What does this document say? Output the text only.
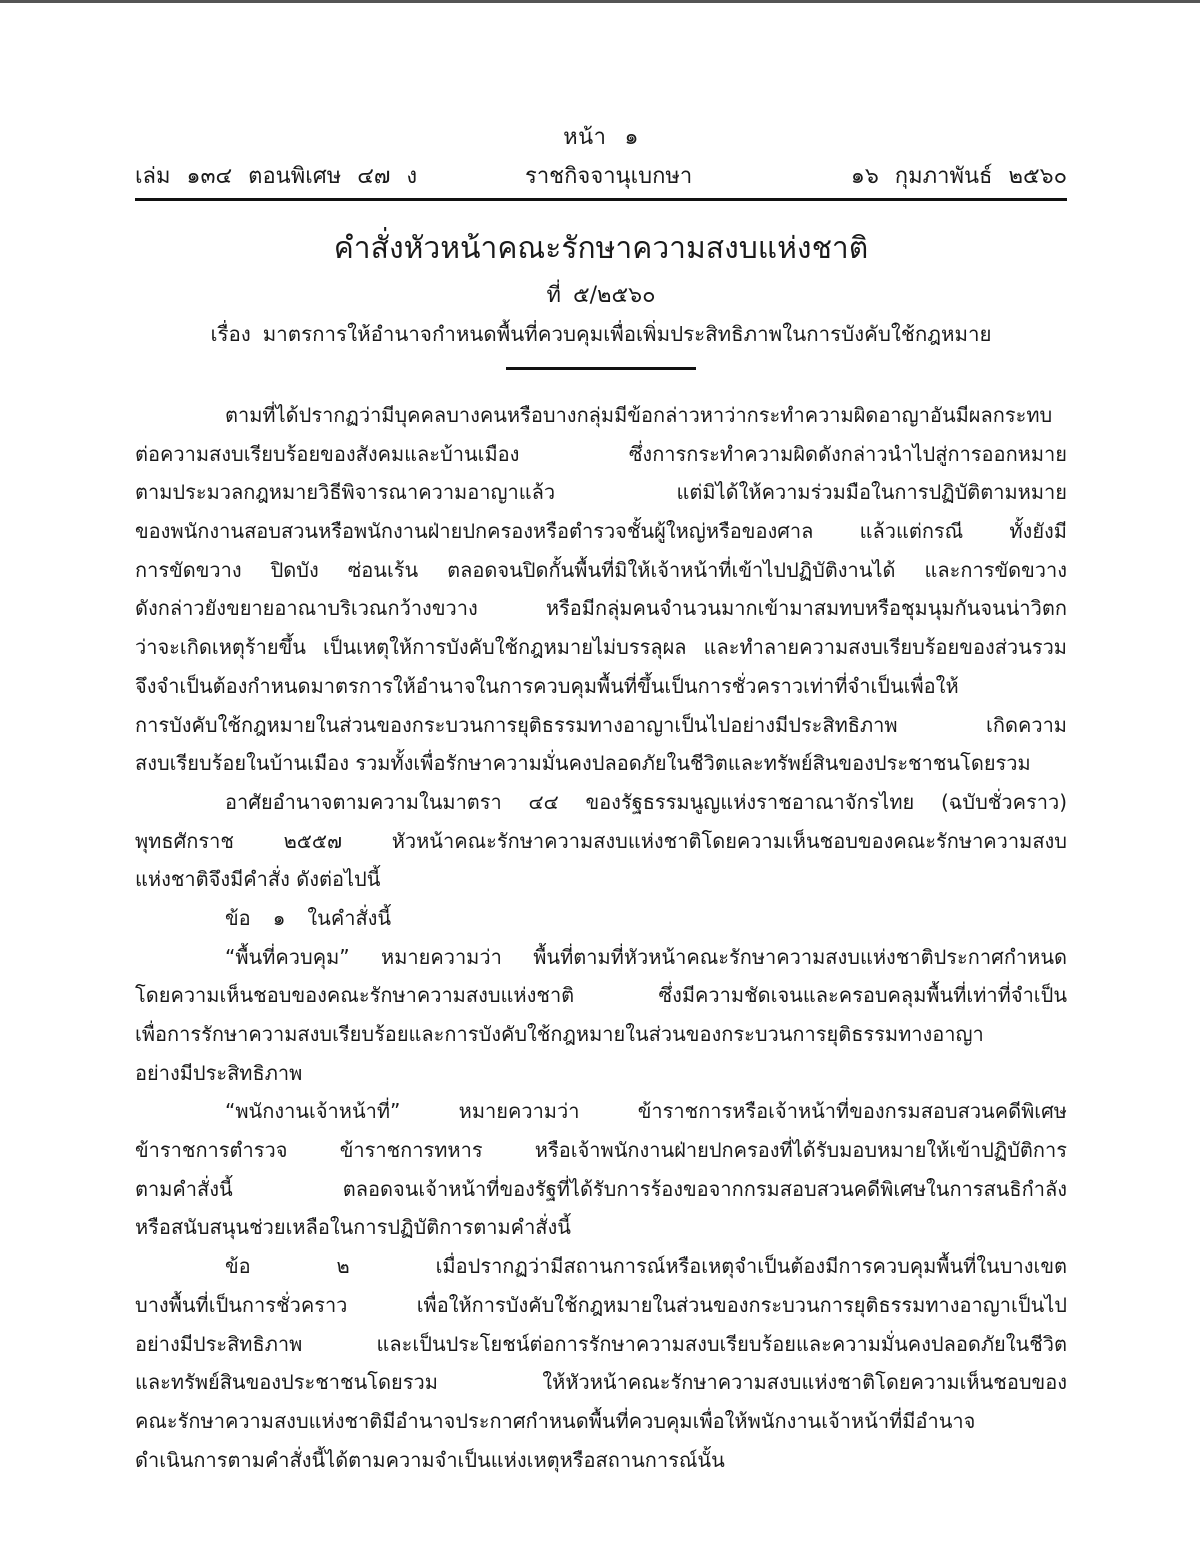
หน้า ๑
เล่ม ๑๓๔ ตอนพิเศษ ๔๗ ง	ราชกิจจานุเบกษา	๑๖ กุมภาพันธ์ ๒๕๖๐
คำสั่งหัวหน้าคณะรักษาความสงบแห่งชาติ
ที่ ๕/๒๕๖๐
เรื่อง มาตรการให้อำนาจกำหนดพื้นที่ควบคุมเพื่อเพิ่มประสิทธิภาพในการบังคับใช้กฎหมาย
ตามที่ได้ปรากฏว่ามีบุคคลบางคนหรือบางกลุ่มมีข้อกล่าวหาว่ากระทำความผิดอาญาอันมีผลกระทบ
ต่อความสงบเรียบร้อยของสังคมและบ้านเมือง ซึ่งการกระทำความผิดดังกล่าวนำไปสู่การออกหมาย
ตามประมวลกฎหมายวิธีพิจารณาความอาญาแล้ว แต่มิได้ให้ความร่วมมือในการปฏิบัติตามหมาย
ของพนักงานสอบสวนหรือพนักงานฝ่ายปกครองหรือตำรวจชั้นผู้ใหญ่หรือของศาล แล้วแต่กรณี ทั้งยังมี
การขัดขวาง ปิดบัง ซ่อนเร้น ตลอดจนปิดกั้นพื้นที่มิให้เจ้าหน้าที่เข้าไปปฏิบัติงานได้ และการขัดขวาง
ดังกล่าวยังขยายอาณาบริเวณกว้างขวาง หรือมีกลุ่มคนจำนวนมากเข้ามาสมทบหรือชุมนุมกันจนน่าวิตก
ว่าจะเกิดเหตุร้ายขึ้น เป็นเหตุให้การบังคับใช้กฎหมายไม่บรรลุผล และทำลายความสงบเรียบร้อยของส่วนรวม
จึงจำเป็นต้องกำหนดมาตรการให้อำนาจในการควบคุมพื้นที่ขึ้นเป็นการชั่วคราวเท่าที่จำเป็นเพื่อให้
การบังคับใช้กฎหมายในส่วนของกระบวนการยุติธรรมทางอาญาเป็นไปอย่างมีประสิทธิภาพ เกิดความ
สงบเรียบร้อยในบ้านเมือง รวมทั้งเพื่อรักษาความมั่นคงปลอดภัยในชีวิตและทรัพย์สินของประชาชนโดยรวม
อาศัยอำนาจตามความในมาตรา ๔๔ ของรัฐธรรมนูญแห่งราชอาณาจักรไทย (ฉบับชั่วคราว)
พุทธศักราช ๒๕๕๗ หัวหน้าคณะรักษาความสงบแห่งชาติโดยความเห็นชอบของคณะรักษาความสงบ
แห่งชาติจึงมีคำสั่ง ดังต่อไปนี้
ข้อ ๑ ในคำสั่งนี้
“พื้นที่ควบคุม” หมายความว่า พื้นที่ตามที่หัวหน้าคณะรักษาความสงบแห่งชาติประกาศกำหนด
โดยความเห็นชอบของคณะรักษาความสงบแห่งชาติ ซึ่งมีความชัดเจนและครอบคลุมพื้นที่เท่าที่จำเป็น
เพื่อการรักษาความสงบเรียบร้อยและการบังคับใช้กฎหมายในส่วนของกระบวนการยุติธรรมทางอาญา
อย่างมีประสิทธิภาพ
“พนักงานเจ้าหน้าที่” หมายความว่า ข้าราชการหรือเจ้าหน้าที่ของกรมสอบสวนคดีพิเศษ
ข้าราชการตำรวจ ข้าราชการทหาร หรือเจ้าพนักงานฝ่ายปกครองที่ได้รับมอบหมายให้เข้าปฏิบัติการ
ตามคำสั่งนี้ ตลอดจนเจ้าหน้าที่ของรัฐที่ได้รับการร้องขอจากกรมสอบสวนคดีพิเศษในการสนธิกำลัง
หรือสนับสนุนช่วยเหลือในการปฏิบัติการตามคำสั่งนี้
ข้อ	๒	เมื่อปรากฏว่ามีสถานการณ์หรือเหตุจำเป็นต้องมีการควบคุมพื้นที่ในบางเขต
บางพื้นที่เป็นการชั่วคราว เพื่อให้การบังคับใช้กฎหมายในส่วนของกระบวนการยุติธรรมทางอาญาเป็นไป
อย่างมีประสิทธิภาพ และเป็นประโยชน์ต่อการรักษาความสงบเรียบร้อยและความมั่นคงปลอดภัยในชีวิต
และทรัพย์สินของประชาชนโดยรวม ให้หัวหน้าคณะรักษาความสงบแห่งชาติโดยความเห็นชอบของ
คณะรักษาความสงบแห่งชาติมีอำนาจประกาศกำหนดพื้นที่ควบคุมเพื่อให้พนักงานเจ้าหน้าที่มีอำนาจ
ดำเนินการตามคำสั่งนี้ได้ตามความจำเป็นแห่งเหตุหรือสถานการณ์นั้น
